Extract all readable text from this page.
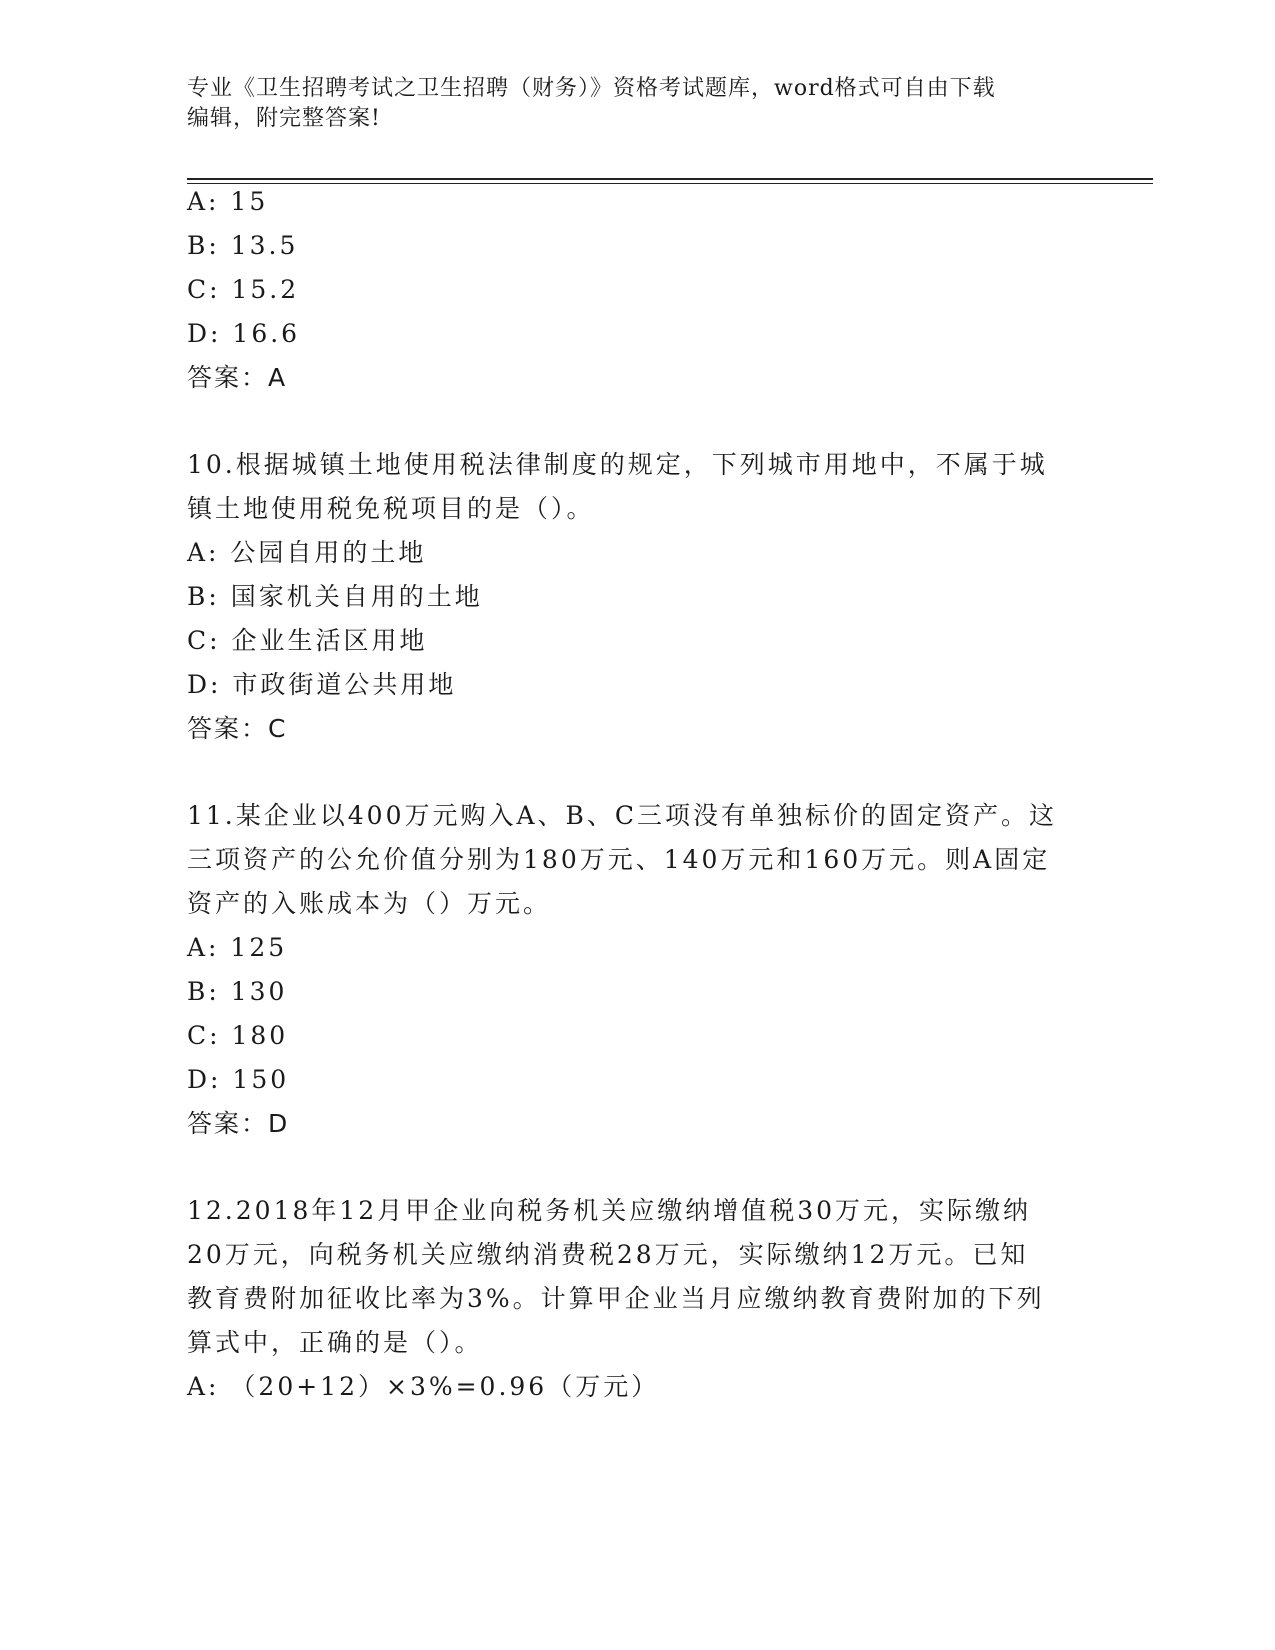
专业《卫生招聘考试之卫生招聘（财务）》资格考试题库，word格式可自由下载
编辑，附完整答案!
A: 15
B: 13.5
C: 15.2
D: 16.6
答案：A
10.根据城镇土地使用税法律制度的规定，下列城市用地中，不属于城
镇土地使用税免税项目的是（）。
A: 公园自用的土地
B: 国家机关自用的土地
C: 企业生活区用地
D: 市政街道公共用地
答案：C
11.某企业以400万元购入A、B、C三项没有单独标价的固定资产。这
三项资产的公允价值分别为180万元、140万元和160万元。则A固定
资产的入账成本为（）万元。
A: 125
B: 130
C: 180
D: 150
答案：D
12.2018年12月甲企业向税务机关应缴纳增值税30万元，实际缴纳
20万元，向税务机关应缴纳消费税28万元，实际缴纳12万元。已知
教育费附加征收比率为3%。计算甲企业当月应缴纳教育费附加的下列
算式中，正确的是（）。
A: （20+12）×3%=0.96（万元）
